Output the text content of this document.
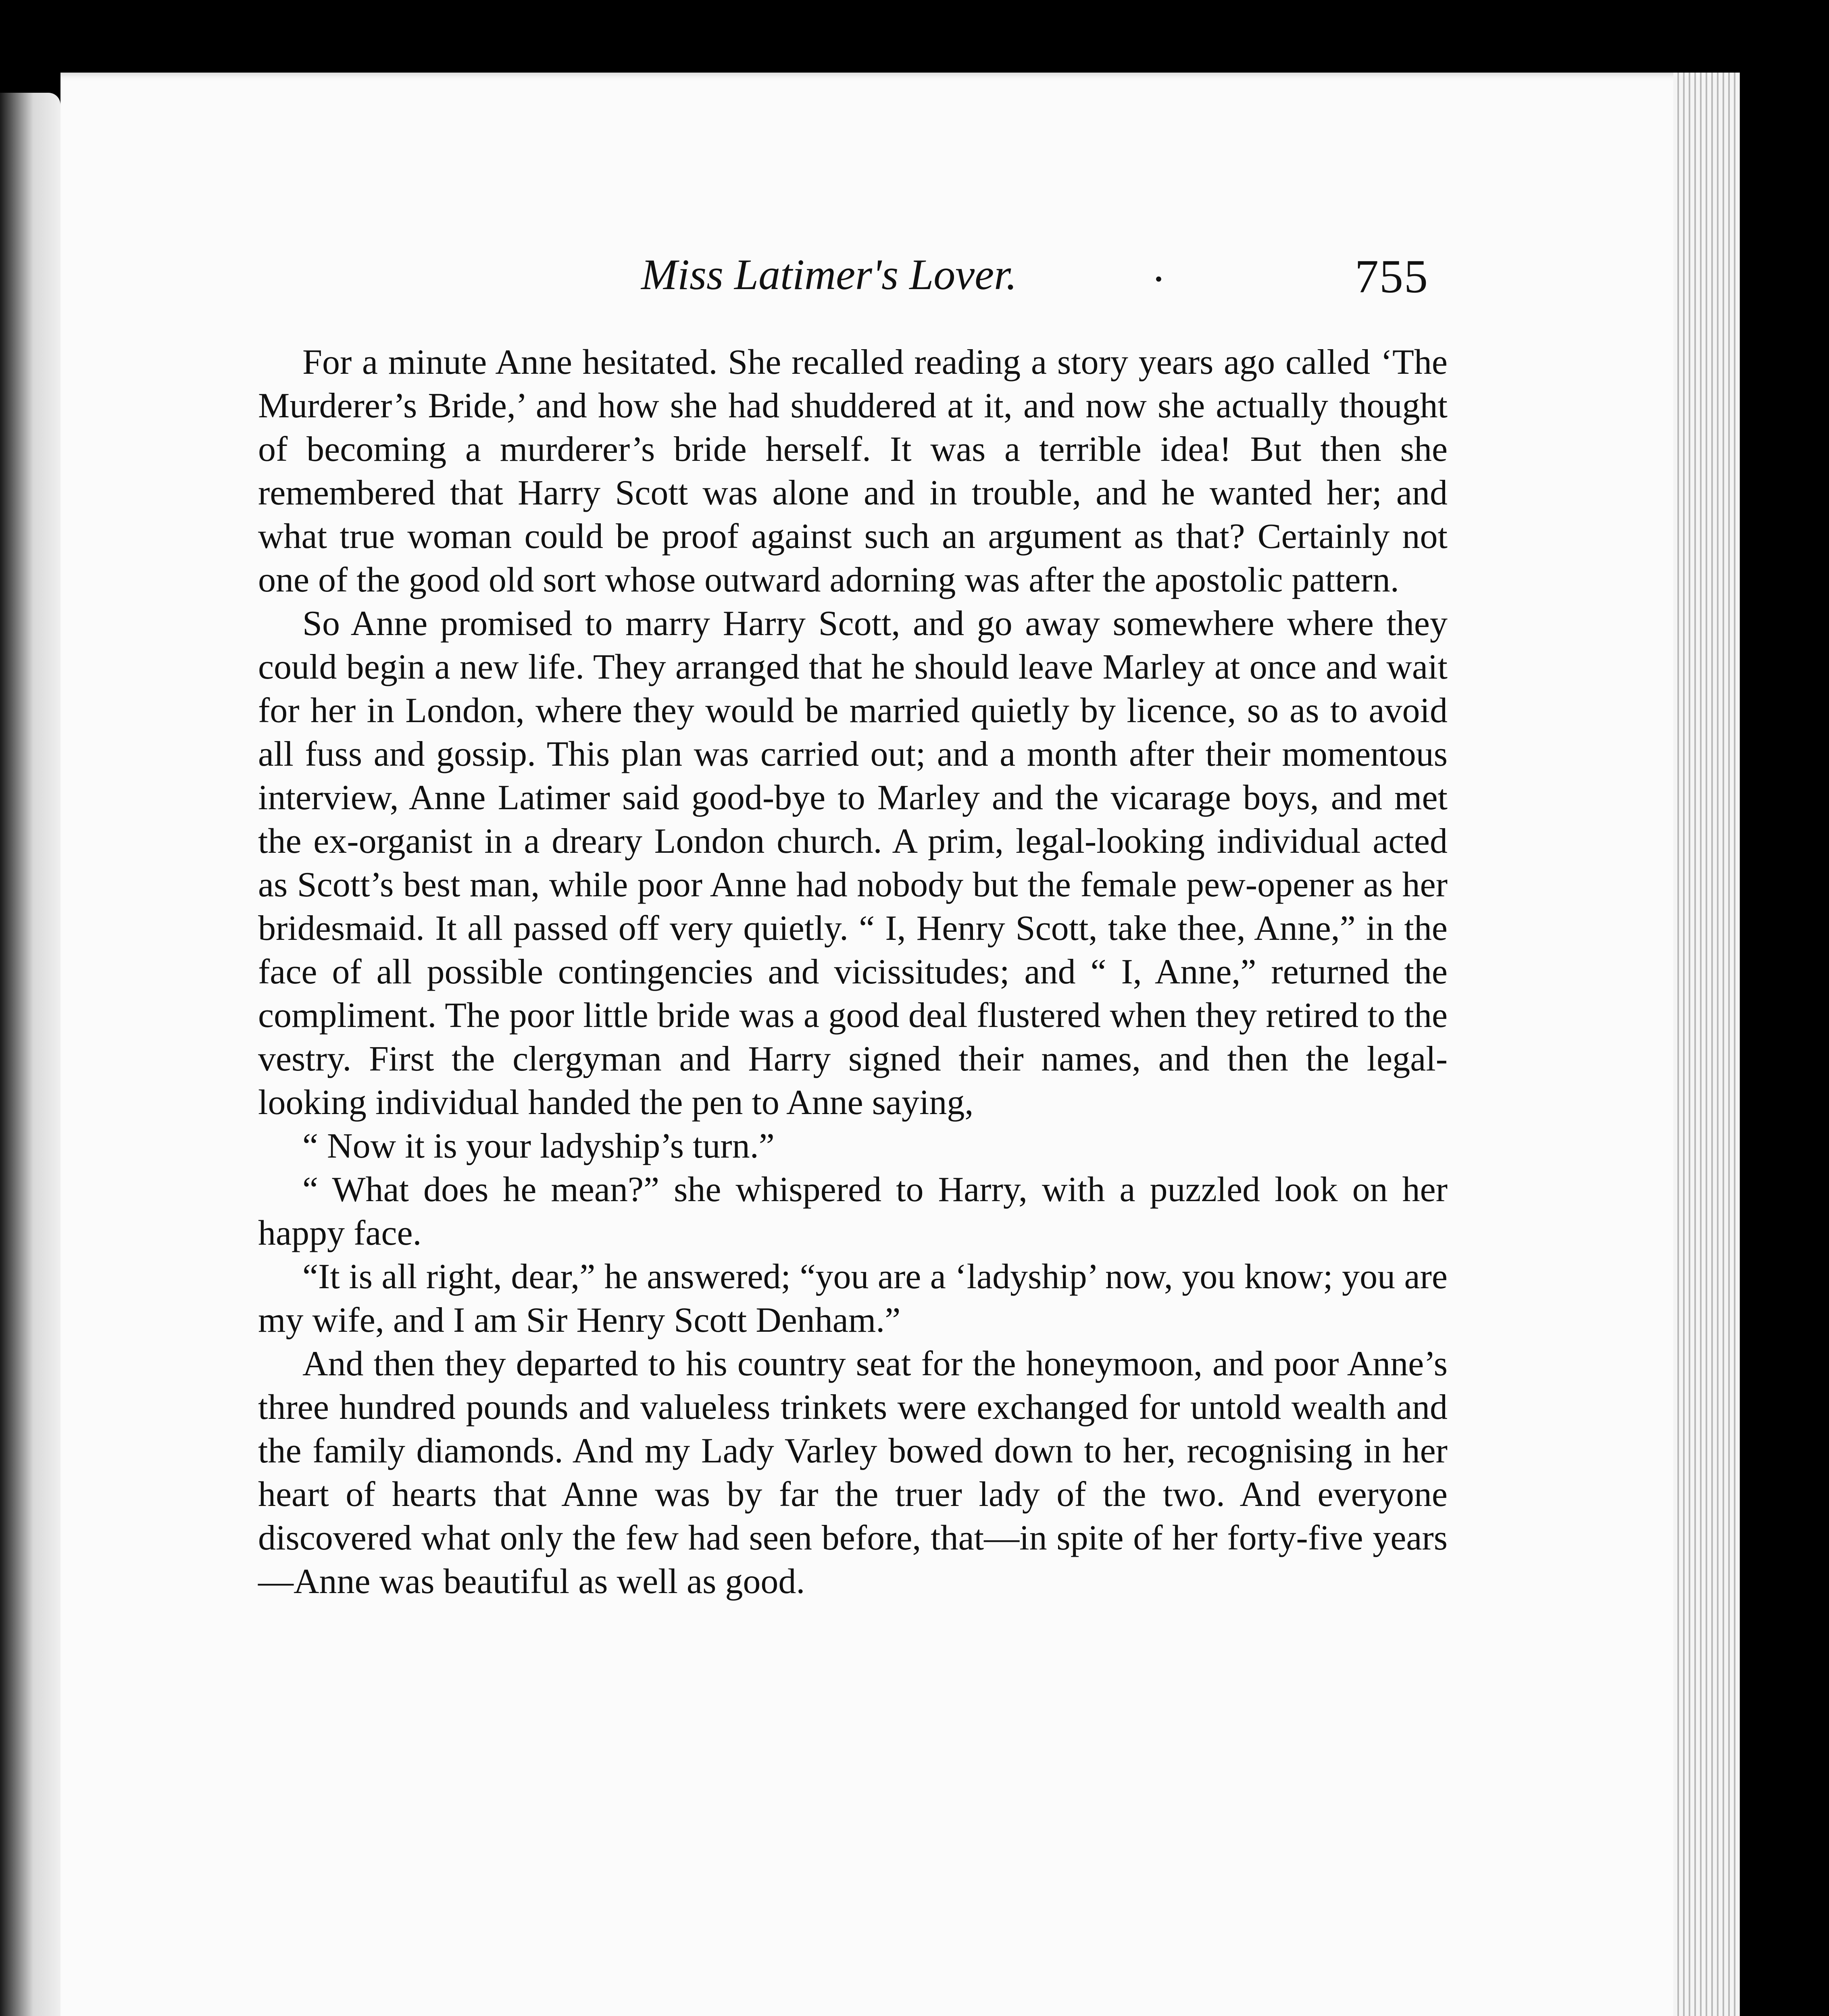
Miss Latimer's Lover.	.	755

For a minute Anne hesitated. She recalled reading a story years ago called ‘The Murderer’s Bride,’ and how she had shuddered at it, and now she actually thought of becoming a murderer’s bride herself. It was a terrible idea! But then she remembered that Harry Scott was alone and in trouble, and he wanted her; and what true woman could be proof against such an argument as that? Certainly not one of the good old sort whose outward adorning was after the apostolic pattern.

So Anne promised to marry Harry Scott, and go away somewhere where they could begin a new life. They arranged that he should leave Marley at once and wait for her in London, where they would be married quietly by licence, so as to avoid all fuss and gossip. This plan was carried out; and a month after their momentous interview, Anne Latimer said good-bye to Marley and the vicarage boys, and met the ex-organist in a dreary London church. A prim, legal-looking individual acted as Scott’s best man, while poor Anne had nobody but the female pew-opener as her bridesmaid. It all passed off very quietly. “ I, Henry Scott, take thee, Anne,” in the face of all possible contingencies and vicissitudes; and “ I, Anne,” returned the compliment. The poor little bride was a good deal flustered when they retired to the vestry. First the clergyman and Harry signed their names, and then the legal-looking individual handed the pen to Anne saying,

“ Now it is your ladyship’s turn.”

“ What does he mean?” she whispered to Harry, with a puzzled look on her happy face.

“It is all right, dear,” he answered; “you are a ‘ladyship’ now, you know; you are my wife, and I am Sir Henry Scott Denham.”

And then they departed to his country seat for the honeymoon, and poor Anne’s three hundred pounds and valueless trinkets were exchanged for untold wealth and the family diamonds. And my Lady Varley bowed down to her, recognising in her heart of hearts that Anne was by far the truer lady of the two. And everyone discovered what only the few had seen before, that—in spite of her forty-five years—Anne was beautiful as well as good.
